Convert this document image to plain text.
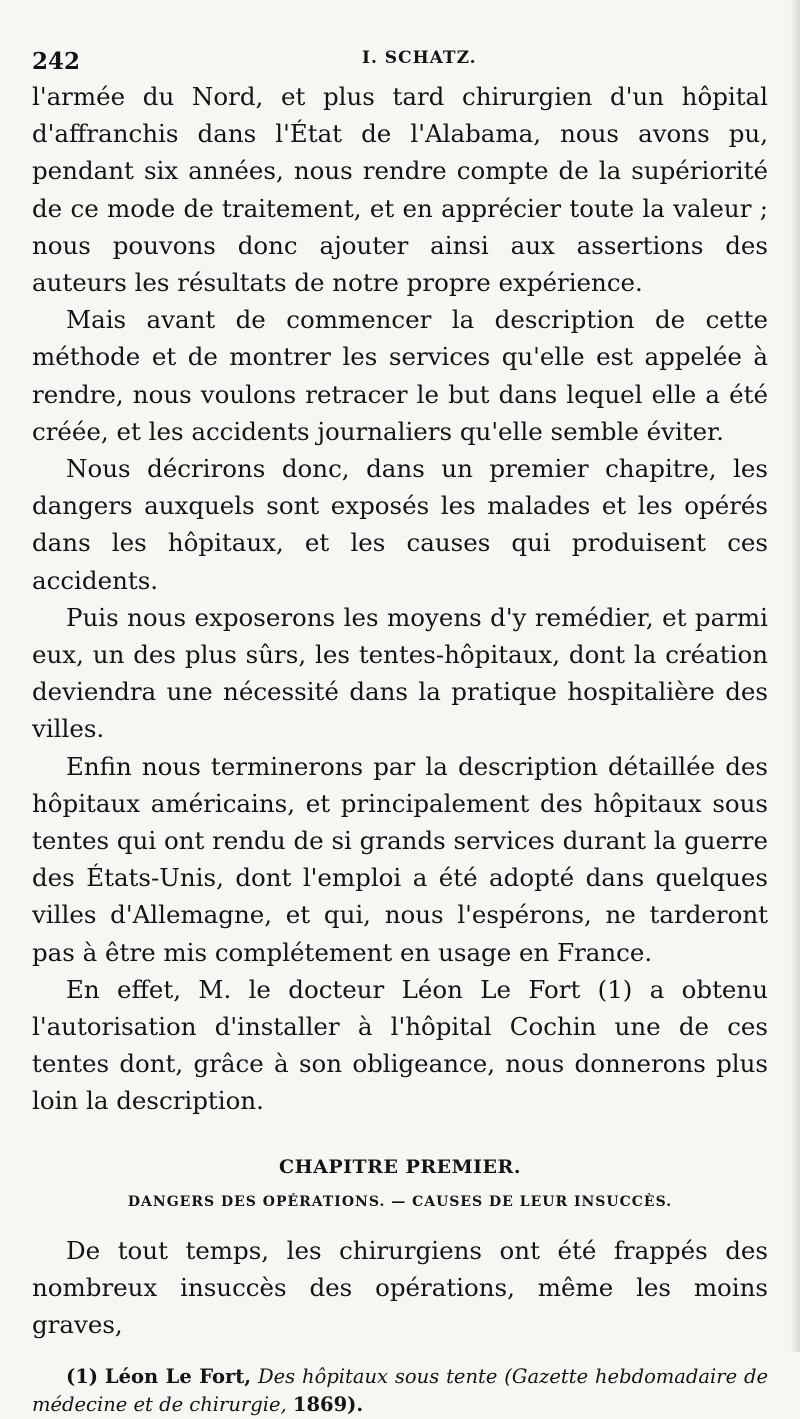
242	I. SCHATZ.

l'armée du Nord, et plus tard chirurgien d'un hôpital d'affranchis dans l'État de l'Alabama, nous avons pu, pendant six années, nous rendre compte de la supériorité de ce mode de traitement, et en apprécier toute la valeur ; nous pouvons donc ajouter ainsi aux assertions des auteurs les résultats de notre propre expérience.

Mais avant de commencer la description de cette méthode et de montrer les services qu'elle est appelée à rendre, nous voulons retracer le but dans lequel elle a été créée, et les accidents journaliers qu'elle semble éviter.

Nous décrirons donc, dans un premier chapitre, les dangers auxquels sont exposés les malades et les opérés dans les hôpitaux, et les causes qui produisent ces accidents.

Puis nous exposerons les moyens d'y remédier, et parmi eux, un des plus sûrs, les tentes-hôpitaux, dont la création deviendra une nécessité dans la pratique hospitalière des villes.

Enfin nous terminerons par la description détaillée des hôpitaux américains, et principalement des hôpitaux sous tentes qui ont rendu de si grands services durant la guerre des États-Unis, dont l'emploi a été adopté dans quelques villes d'Allemagne, et qui, nous l'espérons, ne tarderont pas à être mis complétement en usage en France.

En effet, M. le docteur Léon Le Fort (1) a obtenu l'autorisation d'installer à l'hôpital Cochin une de ces tentes dont, grâce à son obligeance, nous donnerons plus loin la description.

CHAPITRE PREMIER.
DANGERS DES OPÉRATIONS. — CAUSES DE LEUR INSUCCÈS.

De tout temps, les chirurgiens ont été frappés des nombreux insuccès des opérations, même les moins graves,

(1) Léon Le Fort, Des hôpitaux sous tente (Gazette hebdomadaire de médecine et de chirurgie, 1869).
